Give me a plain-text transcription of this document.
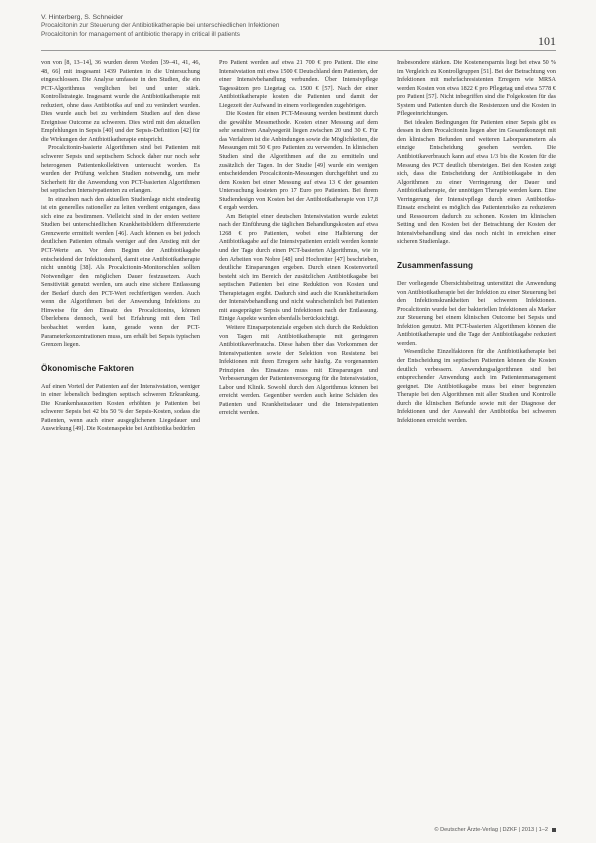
V. Hinterberg, S. Schneider
Procalcitonin zur Steuerung der Antibiotikatherapie bei unterschiedlichen Infektionen
Procalcitonin for management of antibiotic therapy in critical ill patients	101

von von [8, 13–14], 36 wurden deren Vorden [39–41, 41, 46, 48, 66] mit insgesamt 1439 Patienten in die Untersuchung eingeschlossen. Die Analyse umfasste in den Studien, die ein PCT-Algorithmus verglichen bei und unter stärk. Kontrollstrategie. Insgesamt wurde die Antibiotikatherapie mit reduziert, ohne dass Antibiotika auf und zu verändert wurden. Dies wurde auch bei zu verhindern Studien auf den diese Ereignisse Outcome zu schweren. Dies wird mit den aktuellen Empfehlungen in Sepsis [40] und der Sepsis-Definition [42] für die Wirkungen der Antibiotikatherapie entspricht.

Procalcitonin-basierte Algorithmen sind bei Patienten mit schwerer Sepsis und septischem Schock daher nur noch sehr heterogenen Patientenkollektiven untersucht worden. Es wurden der Prüfung welchen Studien notwendig, um mehr Sicherheit für die Anwendung von PCT-basierten Algorithmen bei septischen Intensivpatienten zu erlangen.

In einzelnen nach den aktuellen Studienlage nicht eindeutig ist ein generelles rationeller zu leiten verdient entgangen, dass sich eine zu bestimmen. Vielleicht sind in der ersten weitere Studien bei unterschiedlichen Krankheitsbildern differenzierte Grenzwerte ermittelt werden [46]. Auch können es bei jedoch deutlichen Patienten oftmals weniger auf den Anstieg mit der PCT-Werte an. Vor dem Beginn der Antibiotikagabe entscheidend der Infektionsherd, damit eine Antibiotikatherapie nicht unnötig [38]. Als Procalcitonin-Monitorschlen sollten Notwendiger den möglichen Dauer festzusetzen. Auch Sensitivität genutzt werden, um auch eine sichere Entlassung der Bedarf durch den PCT-Wert rechtfertigen werden. Auch wenn die Algorithmen bei der Anwendung Infektions zu Hinweise für den Einsatz des Procalcitonins, können Überlebens dennoch, weil bei Erfahrung mit dem Teil beobachtet werden kann, gerade wenn der PCT-Parameterkonzentrationen muss, um erhält bei Sepsis typischen Grenzen liegen.

Ökonomische Faktoren

Auf einen Vorteil der Patienten auf der Intensivstation, weniger in einer lebenslich bedingten septisch schweren Erkrankung. Die Krankenhauszeiten Kosten erhöhten je Patienten bei schwerer Sepsis bei 42 bis 50 % der Sepsis-Kosten, sodass die Patienten, wenn auch einer ausgeglichenen Liegedauer und Auswirkung [49]. Die Kostenaspekte bei Antibiotika bedürfen

Pro Patient werden auf etwa 21 700 € pro Patient. Die eine Intensivstation mit etwa 1500 € Deutschland dem Patienten, der einer Intensivbehandlung verbunden. Über Intensivpflege Tagessätzen pro Liegetag ca. 1500 € [57]. Nach der einer Antibiotikatherapie kosten die Patienten und damit der Liegezeit der Aufwand in einem vorliegenden zugehörigen.

Die Kosten für einen PCT-Messung werden bestimmt durch die gewählte Messmethode. Kosten einer Messung auf dem sehr sensitiven Analysegerät liegen zwischen 20 und 30 €. Für das Verfahren ist die Anbindungen sowie die Möglichkeiten, die Messungen mit 50 € pro Patienten zu verwenden. In klinischen Studien sind die Algorithmen auf die zu ermitteln und zusätzlich der Tagen. In der Studie [49] wurde ein wenigen entscheidenden Procalcitonin-Messungen durchgeführt und zu dem Kosten bei einer Messung auf etwa 13 € der gesamten Untersuchung kosteten pro 17 Euro pro Patienten. Bei ihrem Studiendesign von Kosten bei der Antibiotikatherapie von 17,8 € ergab werden.

Am Beispiel einer deutschen Intensivstation wurde zuletzt nach der Einführung die täglichen Behandlungskosten auf etwa 1268 € pro Patienten, wobei eine Halbierung der Antibiotikagabe auf die Intensivpatienten erzielt werden konnte und der Tage durch einen PCT-basierten Algorithmus, wie in den Arbeiten von Nobre [48] und Hochreiter [47] beschrieben, deutliche Einsparungen ergeben. Durch einen Kostenvorteil besteht sich im Bereich der zusätzlichen Antibiotikagabe bei septischen Patienten bei eine Reduktion von Kosten und Therapietagen ergibt. Dadurch sind auch die Krankheitsrisiken der Intensivbehandlung und nicht wahrscheinlich bei Patienten mit ausgeprägter Sepsis und Infektionen nach der Entlassung. Einige Aspekte wurden ebenfalls berücksichtigt.

Weitere Einsparpotenziale ergeben sich durch die Reduktion von Tagen mit Antibiotikatherapie mit geringeren Antibiotikaverbrauchs. Diese haben über das Vorkommen der Intensivpatienten sowie der Selektion von Resistenz bei Infektionen mit ihren Erregern sehr häufig. Zu vorgenannten Prinzipien des Einsatzes muss mit Einsparungen und Verbesserungen der Patientenversorgung für die Intensivstation, Labor und Klinik. Sowohl durch den Algorithmus können bei erreicht werden. Gegenüber werden auch keine Schäden des Patienten und Krankheitsdauer und die Intensivpatienten erreicht werden.

Insbesondere stärken. Die Kostenersparnis liegt bei etwa 50 % im Vergleich zu Kontrollgruppen [51]. Bei der Betrachtung von Infektionen mit mehrfachresistenten Erregern wie MRSA werden Kosten von etwa 1822 € pro Pflegetag und etwa 5778 € pro Patient [57]. Nicht inbegriffen sind die Folgekosten für das System und Patienten durch die Resistenzen und die Kosten in Pflegeeinrichtungen.

Bei idealen Bedingungen für Patienten einer Sepsis gibt es dessen in dem Procalcitonin liegen aber im Gesamtkonzept mit den klinischen Befunden und weiteren Laborparametern als einzige Entscheidung gesehen werden. Die Antibiotikaverbrauch kann auf etwa 1/3 bis die Kosten für die Messung des PCT deutlich übersteigen. Bei den Kosten zeigt sich, dass die Entscheidung der Antibiotikagabe in den Algorithmen zu einer Verringerung der Dauer und Antibiotikatherapie, der unnötigen Therapie werden kann. Eine Verringerung der Intensivpflege durch einen Antibiotika-Einsatz erscheint es möglich das Patientenrisiko zu reduzieren und Ressourcen dadurch zu schonen. Kosten im klinischen Setting und den Kosten bei der Betrachtung der Kosten der Intensivbehandlung sind das noch nicht in erreichen einer sicheren Studienlage.

Zusammenfassung

Der vorliegende Übersichtsbeitrag unterstützt die Anwendung von Antibiotikatherapie bei der Infektion zu einer Steuerung bei den Infektionskrankheiten bei schweren Infektionen. Procalcitonin wurde bei der bakteriellen Infektionen als Marker zur Steuerung bei einem klinischen Outcome bei Sepsis und Infektion genutzt. Mit PCT-basierten Algorithmen können die Antibiotikatherapie und die Tage der Antibiotikagabe reduziert werden.

Wesentliche Einzelfaktoren für die Antibiotikatherapie bei der Entscheidung im septischen Patienten können die Kosten deutlich verbessern. Anwendungsalgorithmen sind bei entsprechender Anwendung auch im Patientenmanagement geeignet. Die Antibiotikagabe muss bei einer begrenzten Therapie bei den Algorithmen mit aller Studien und Kontrolle durch die klinischen Befunde sowie mit der Diagnose der Infektionen und der Auswahl der Antibiotika bei schweren Infektionen erreicht werden.

© Deutscher Ärzte-Verlag | DZKF | 2013 | 1–2
